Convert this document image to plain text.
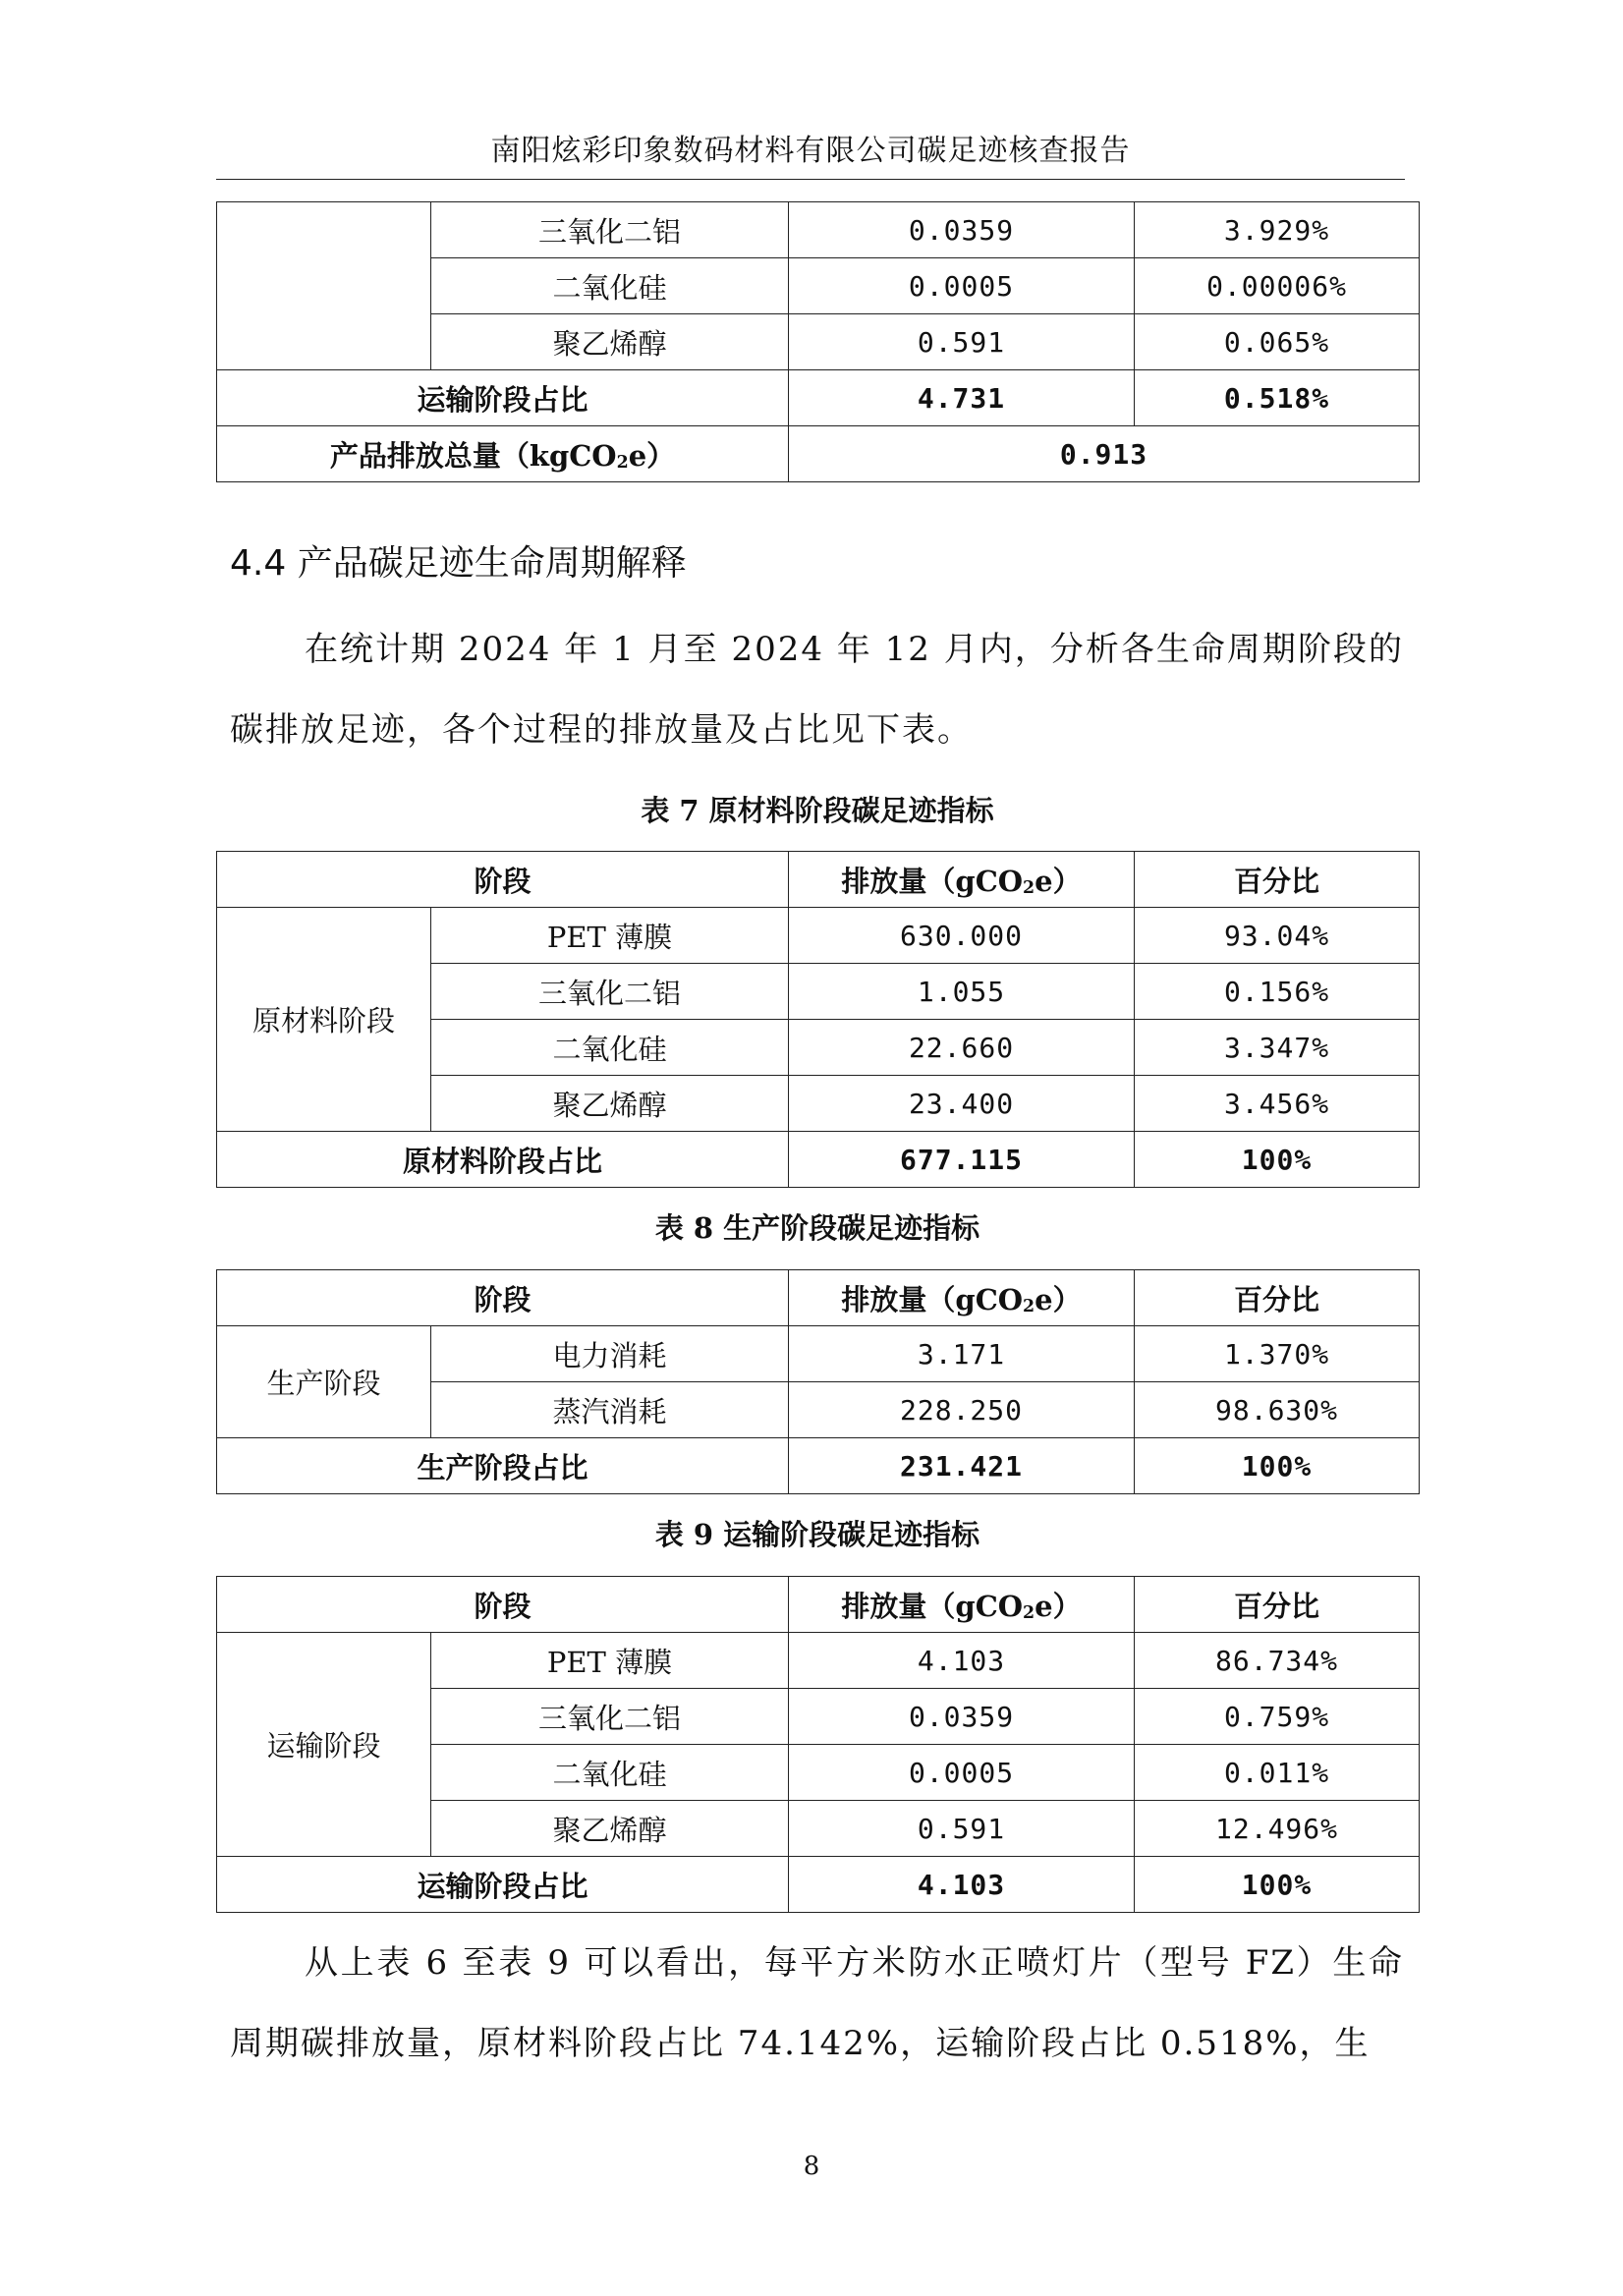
南阳炫彩印象数码材料有限公司碳足迹核查报告
	三氧化二铝	0.0359	3.929%
	二氧化硅	0.0005	0.00006%
	聚乙烯醇	0.591	0.065%
运输阶段占比		4.731	0.518%
产品排放总量（kgCO$_2$e）		0.913	
4.4 产品碳足迹生命周期解释

在统计期 2024 年 1 月至 2024 年 12 月内，分析各生命周期阶段的碳排放足迹，各个过程的排放量及占比见下表。

表 7 原材料阶段碳足迹指标
阶段		排放量（gCO$_2$e）	百分比
原材料阶段	PET 薄膜	630.000	93.04%
	三氧化二铝	1.055	0.156%
	二氧化硅	22.660	3.347%
	聚乙烯醇	23.400	3.456%
原材料阶段占比		677.115	100%
表 8 生产阶段碳足迹指标
阶段		排放量（gCO$_2$e）	百分比
生产阶段	电力消耗	3.171	1.370%
	蒸汽消耗	228.250	98.630%
生产阶段占比		231.421	100%
表 9 运输阶段碳足迹指标
阶段		排放量（gCO$_2$e）	百分比
运输阶段	PET 薄膜	4.103	86.734%
	三氧化二铝	0.0359	0.759%
	二氧化硅	0.0005	0.011%
	聚乙烯醇	0.591	12.496%
运输阶段占比		4.103	100%

从上表 6 至表 9 可以看出，每平方米防水正喷灯片（型号 FZ）生命周期碳排放量，原材料阶段占比 74.142%，运输阶段占比 0.518%，生

8
